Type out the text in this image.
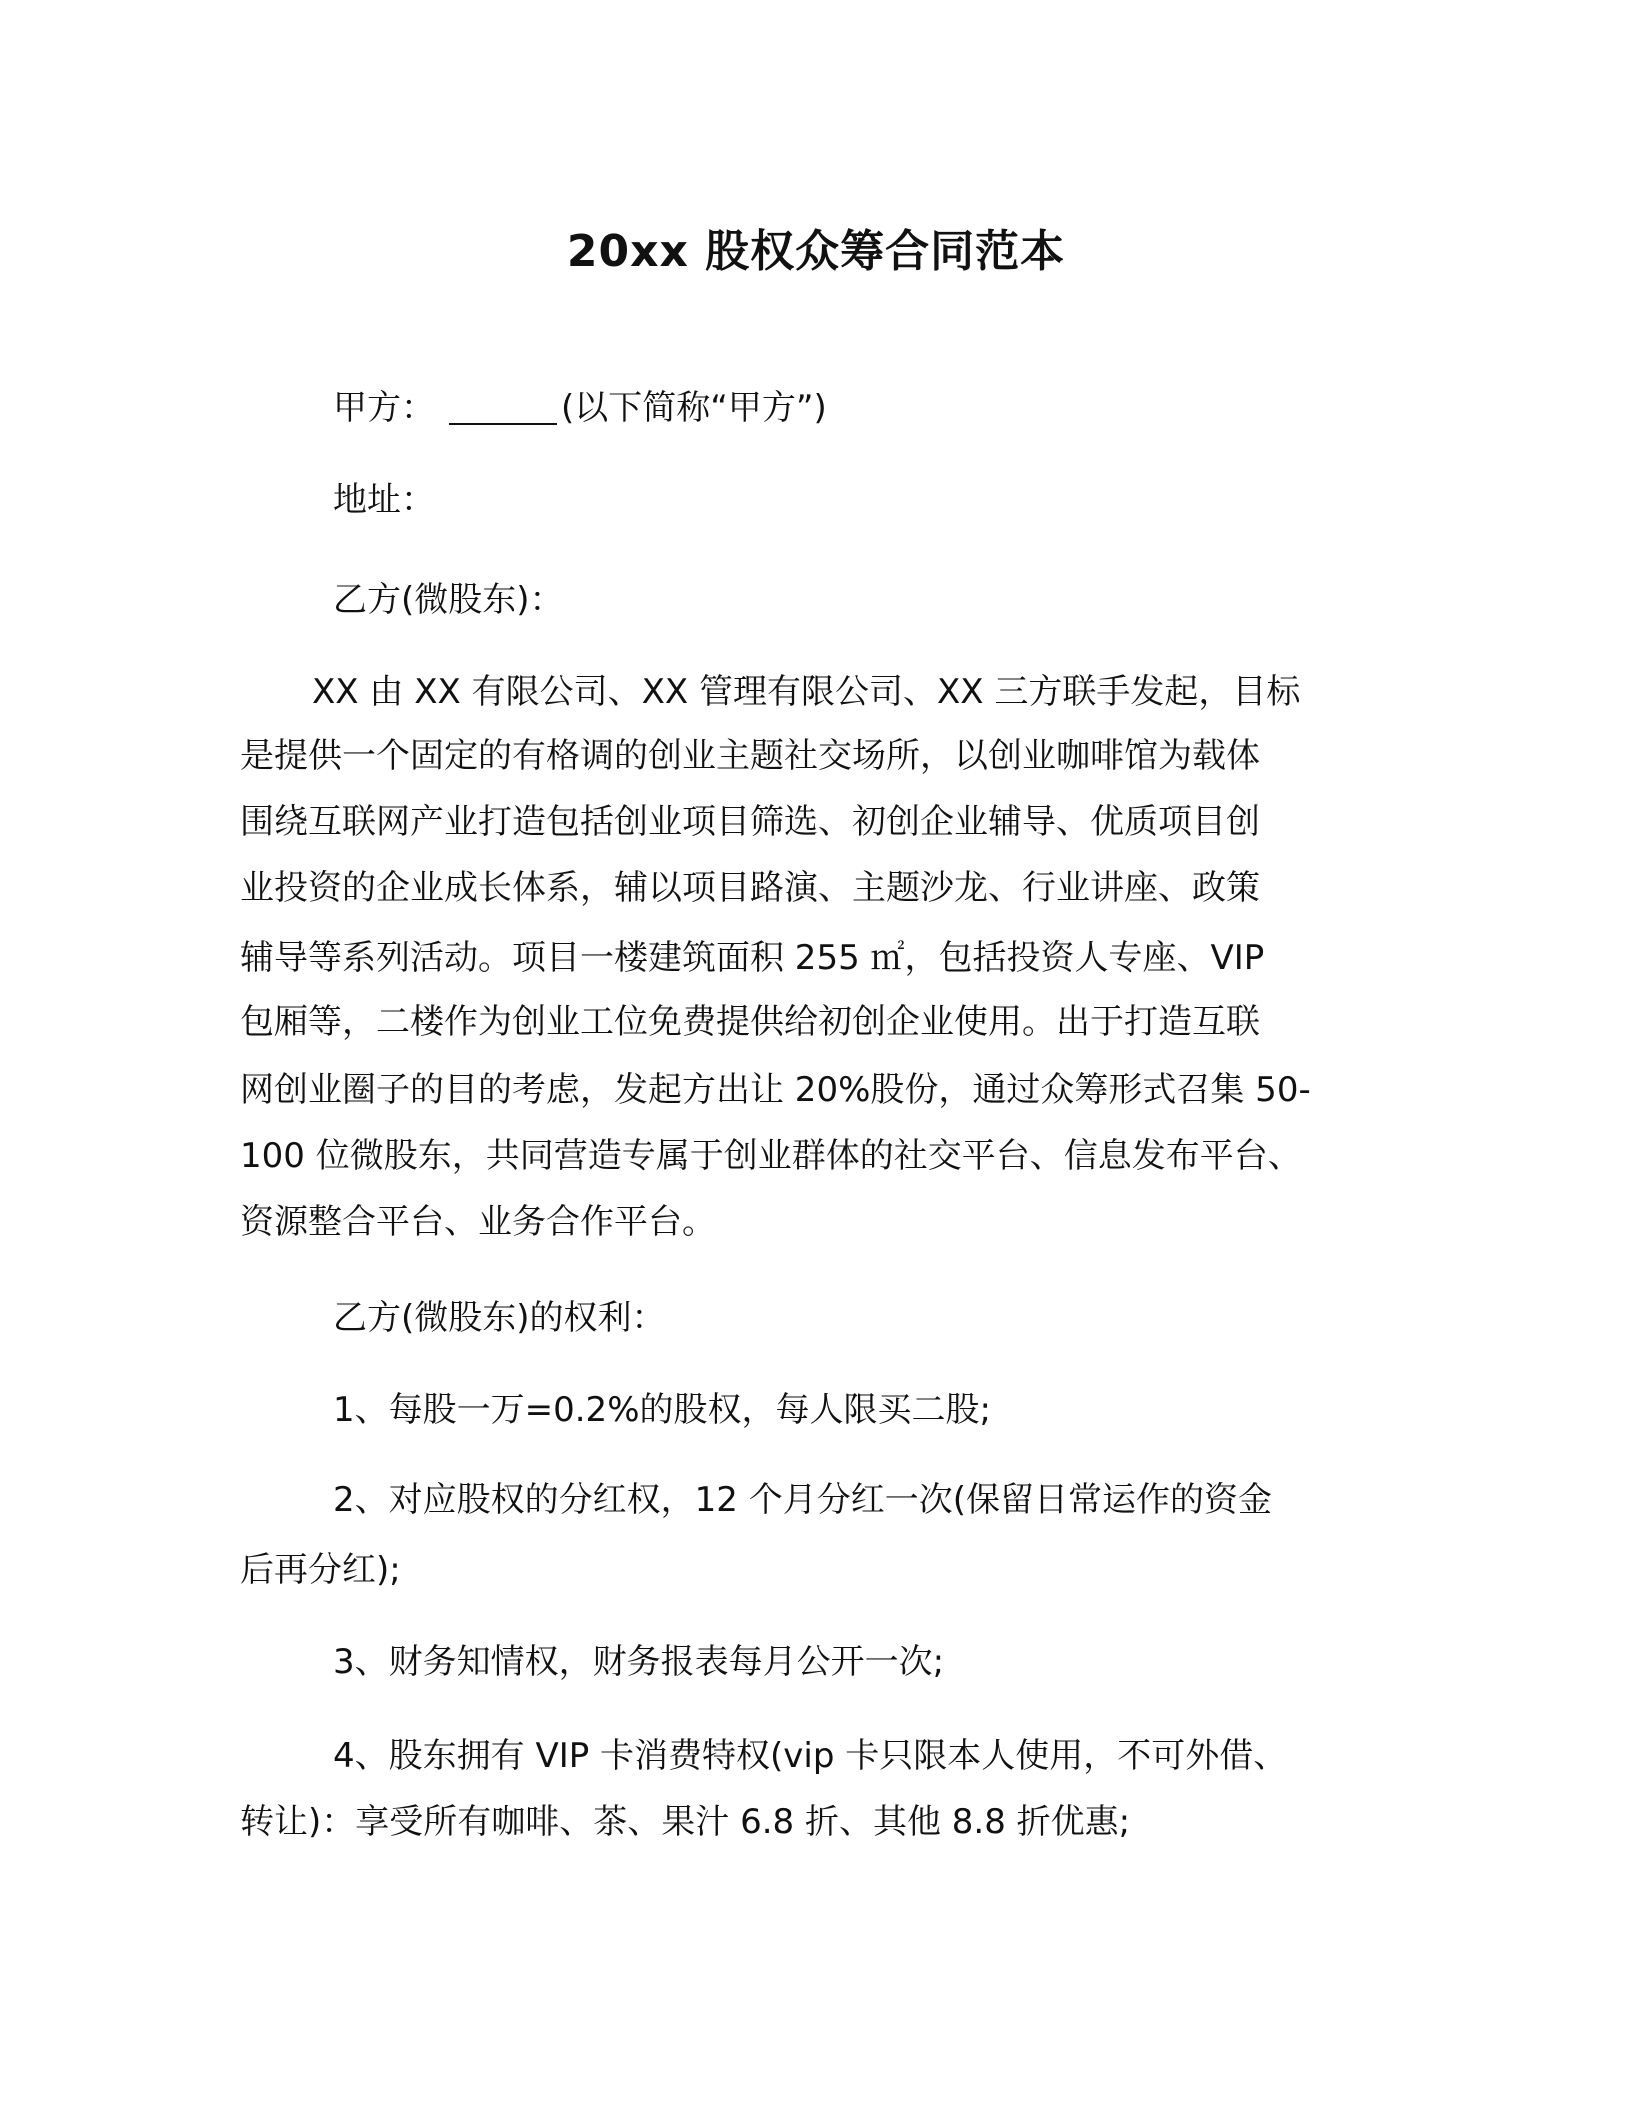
20xx 股权众筹合同范本
甲方：	(以下简称“甲方”)
地址：
乙方(微股东)：
XX 由 XX 有限公司、XX 管理有限公司、XX 三方联手发起，目标
是提供一个固定的有格调的创业主题社交场所，以创业咖啡馆为载体
围绕互联网产业打造包括创业项目筛选、初创企业辅导、优质项目创
业投资的企业成长体系，辅以项目路演、主题沙龙、行业讲座、政策
辅导等系列活动。项目一楼建筑面积 255 ㎡，包括投资人专座、VIP
包厢等，二楼作为创业工位免费提供给初创企业使用。出于打造互联
网创业圈子的目的考虑，发起方出让 20%股份，通过众筹形式召集 50-
100 位微股东，共同营造专属于创业群体的社交平台、信息发布平台、
资源整合平台、业务合作平台。
乙方(微股东)的权利：
1、每股一万=0.2%的股权，每人限买二股;
2、对应股权的分红权，12 个月分红一次(保留日常运作的资金
后再分红);
3、财务知情权，财务报表每月公开一次;
4、股东拥有 VIP 卡消费特权(vip 卡只限本人使用，不可外借、
转让)：享受所有咖啡、茶、果汁 6.8 折、其他 8.8 折优惠;
